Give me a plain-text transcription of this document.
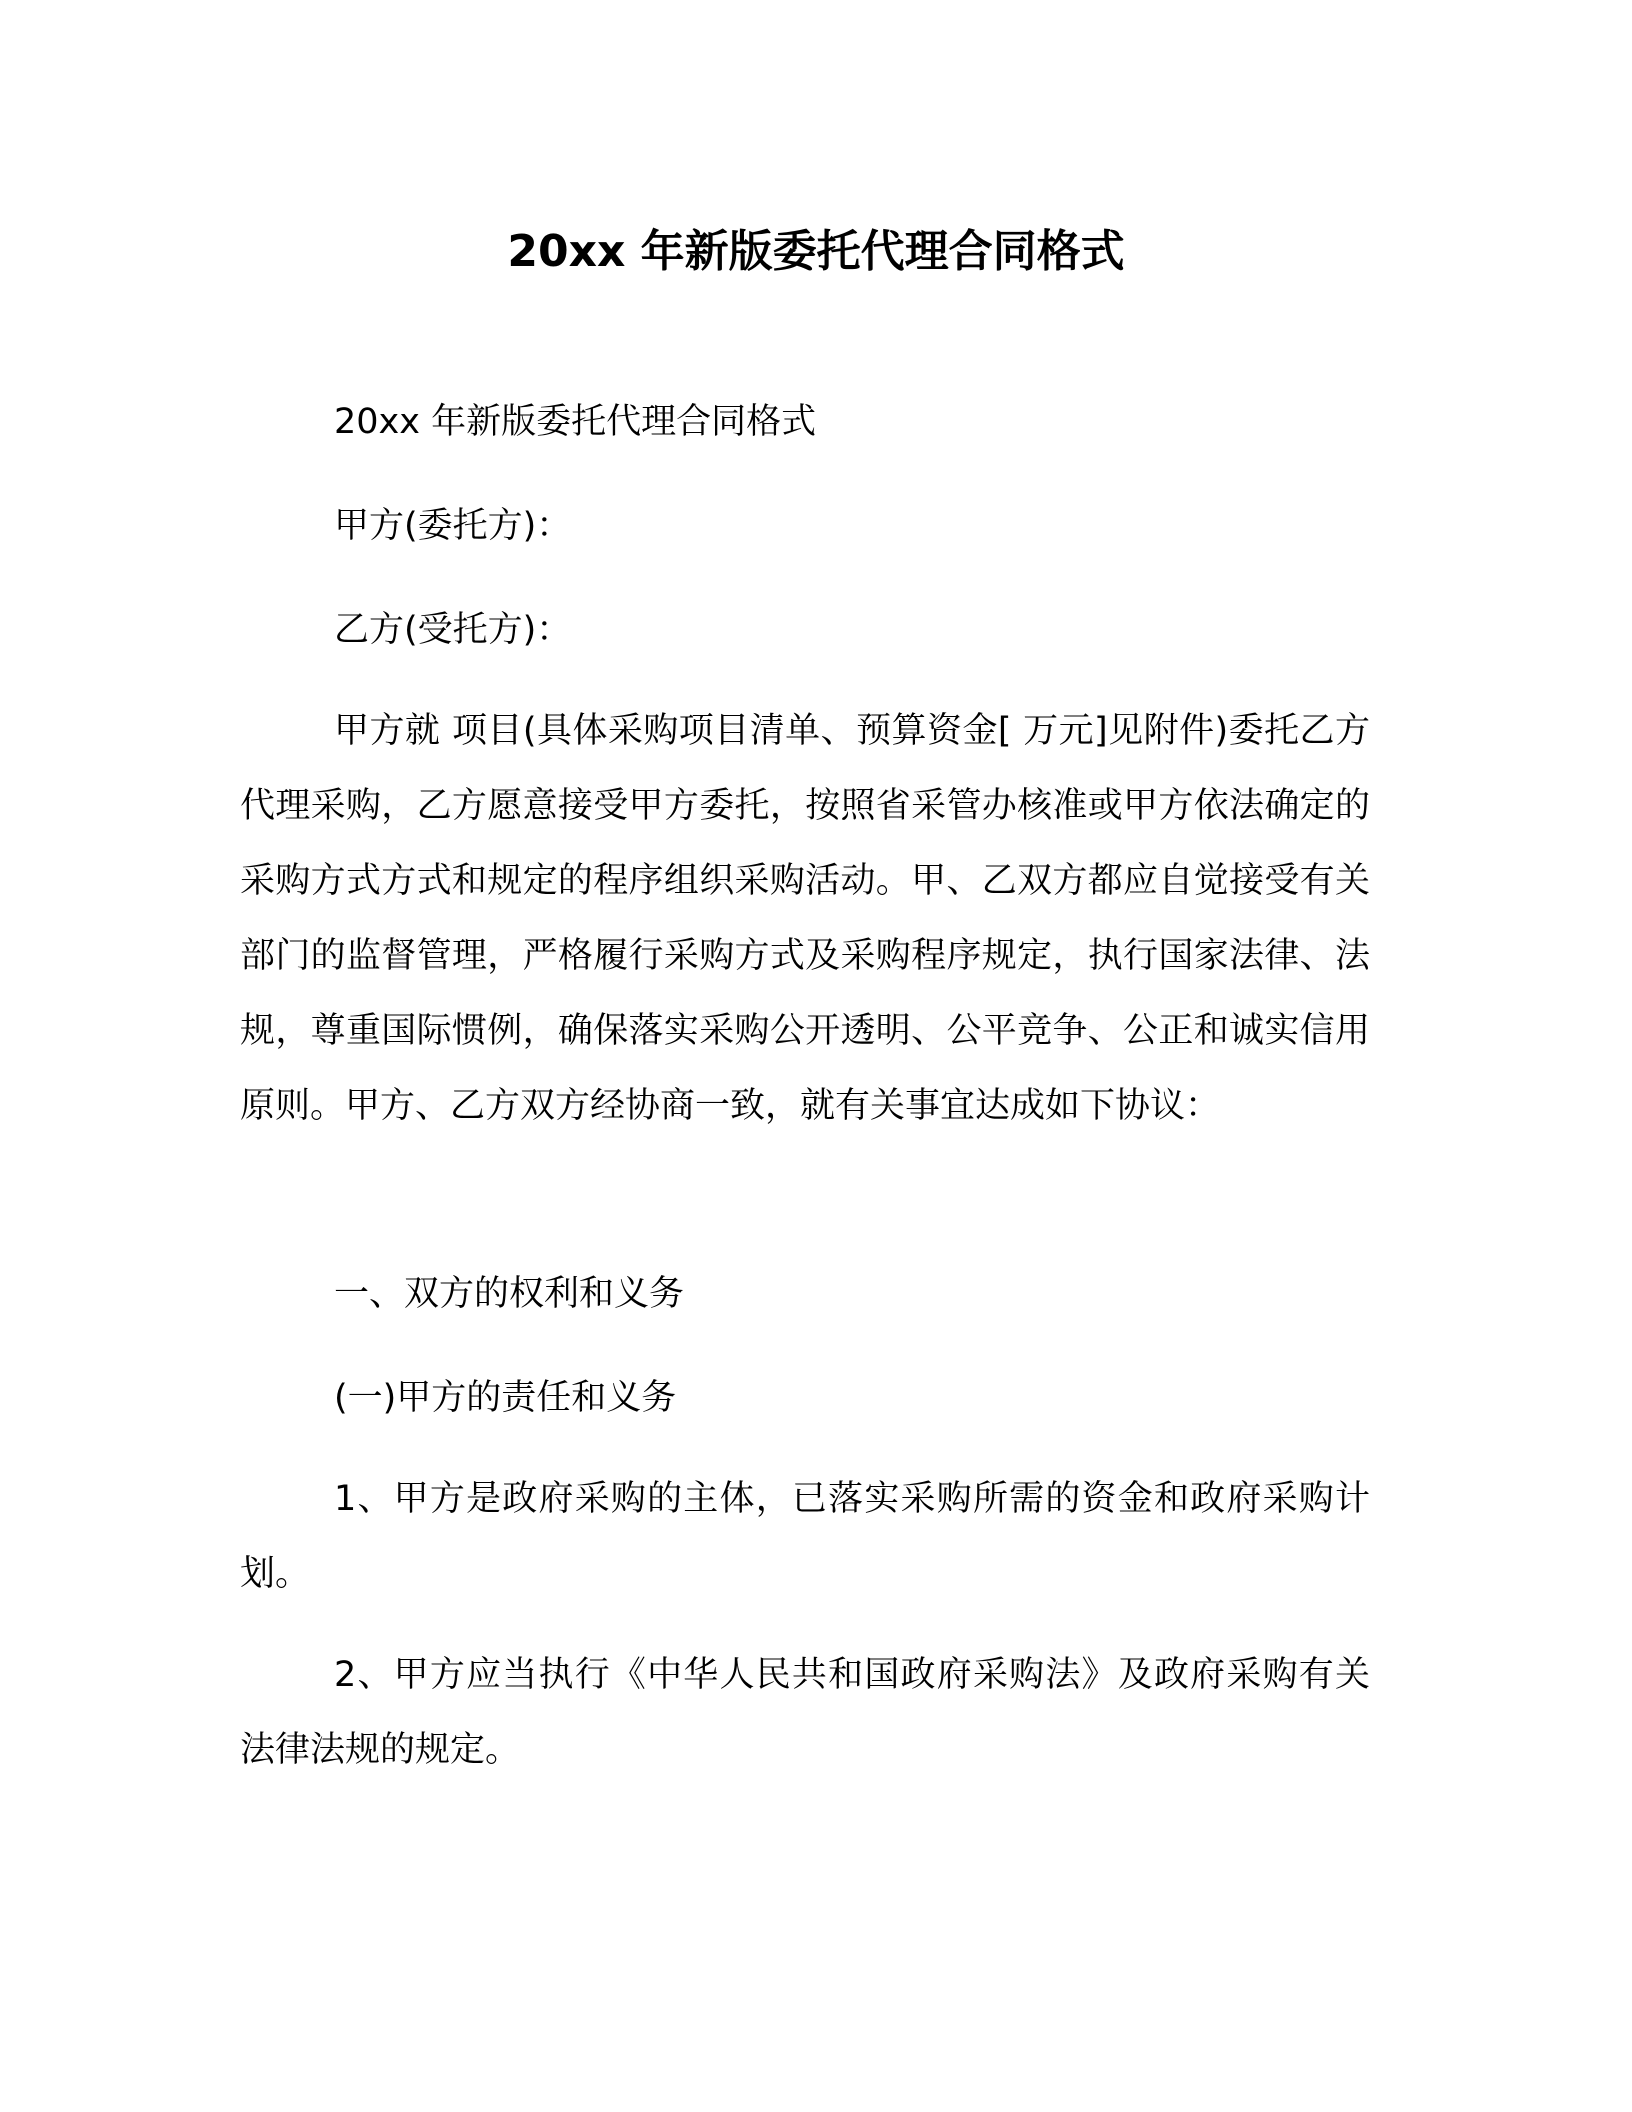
20xx 年新版委托代理合同格式

20xx 年新版委托代理合同格式

甲方(委托方)：

乙方(受托方)：

甲方就 项目(具体采购项目清单、预算资金[ 万元]见附件)委托乙方代理采购，乙方愿意接受甲方委托，按照省采管办核准或甲方依法确定的采购方式方式和规定的程序组织采购活动。甲、乙双方都应自觉接受有关部门的监督管理，严格履行采购方式及采购程序规定，执行国家法律、法规，尊重国际惯例，确保落实采购公开透明、公平竞争、公正和诚实信用原则。甲方、乙方双方经协商一致，就有关事宜达成如下协议：

一、双方的权利和义务

(一)甲方的责任和义务

1、甲方是政府采购的主体，已落实采购所需的资金和政府采购计划。

2、甲方应当执行《中华人民共和国政府采购法》及政府采购有关法律法规的规定。
